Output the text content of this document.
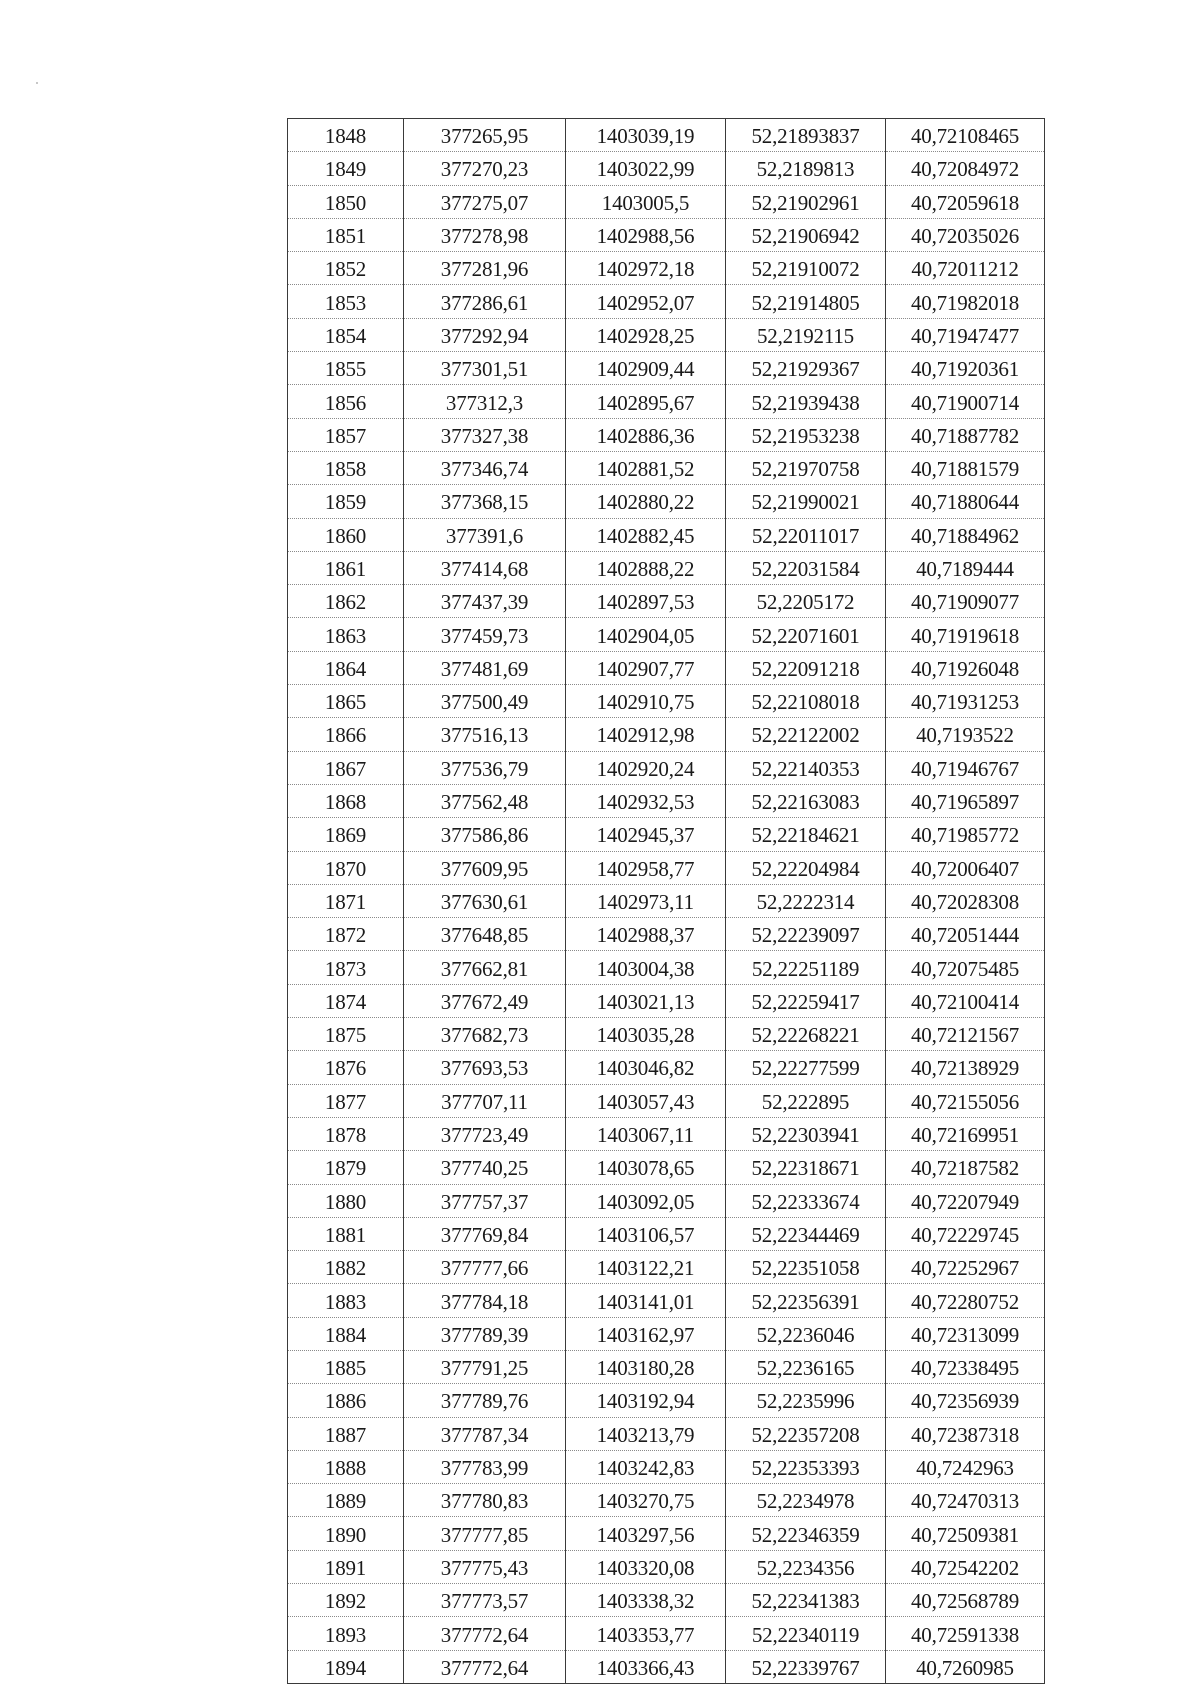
1848	377265,95	1403039,19	52,21893837	40,72108465
1849	377270,23	1403022,99	52,2189813	40,72084972
1850	377275,07	1403005,5	52,21902961	40,72059618
1851	377278,98	1402988,56	52,21906942	40,72035026
1852	377281,96	1402972,18	52,21910072	40,72011212
1853	377286,61	1402952,07	52,21914805	40,71982018
1854	377292,94	1402928,25	52,2192115	40,71947477
1855	377301,51	1402909,44	52,21929367	40,71920361
1856	377312,3	1402895,67	52,21939438	40,71900714
1857	377327,38	1402886,36	52,21953238	40,71887782
1858	377346,74	1402881,52	52,21970758	40,71881579
1859	377368,15	1402880,22	52,21990021	40,71880644
1860	377391,6	1402882,45	52,22011017	40,71884962
1861	377414,68	1402888,22	52,22031584	40,7189444
1862	377437,39	1402897,53	52,2205172	40,71909077
1863	377459,73	1402904,05	52,22071601	40,71919618
1864	377481,69	1402907,77	52,22091218	40,71926048
1865	377500,49	1402910,75	52,22108018	40,71931253
1866	377516,13	1402912,98	52,22122002	40,7193522
1867	377536,79	1402920,24	52,22140353	40,71946767
1868	377562,48	1402932,53	52,22163083	40,71965897
1869	377586,86	1402945,37	52,22184621	40,71985772
1870	377609,95	1402958,77	52,22204984	40,72006407
1871	377630,61	1402973,11	52,2222314	40,72028308
1872	377648,85	1402988,37	52,22239097	40,72051444
1873	377662,81	1403004,38	52,22251189	40,72075485
1874	377672,49	1403021,13	52,22259417	40,72100414
1875	377682,73	1403035,28	52,22268221	40,72121567
1876	377693,53	1403046,82	52,22277599	40,72138929
1877	377707,11	1403057,43	52,222895	40,72155056
1878	377723,49	1403067,11	52,22303941	40,72169951
1879	377740,25	1403078,65	52,22318671	40,72187582
1880	377757,37	1403092,05	52,22333674	40,72207949
1881	377769,84	1403106,57	52,22344469	40,72229745
1882	377777,66	1403122,21	52,22351058	40,72252967
1883	377784,18	1403141,01	52,22356391	40,72280752
1884	377789,39	1403162,97	52,2236046	40,72313099
1885	377791,25	1403180,28	52,2236165	40,72338495
1886	377789,76	1403192,94	52,2235996	40,72356939
1887	377787,34	1403213,79	52,22357208	40,72387318
1888	377783,99	1403242,83	52,22353393	40,7242963
1889	377780,83	1403270,75	52,2234978	40,72470313
1890	377777,85	1403297,56	52,22346359	40,72509381
1891	377775,43	1403320,08	52,2234356	40,72542202
1892	377773,57	1403338,32	52,22341383	40,72568789
1893	377772,64	1403353,77	52,22340119	40,72591338
1894	377772,64	1403366,43	52,22339767	40,7260985
